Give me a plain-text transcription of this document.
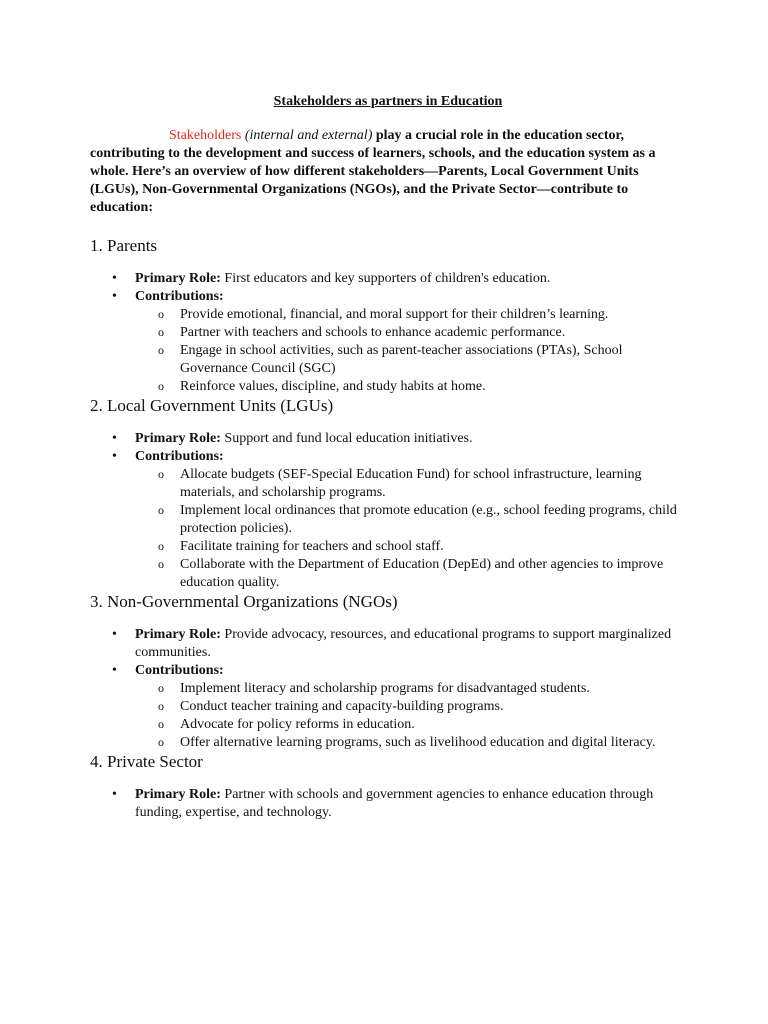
Stakeholders as partners in Education

Stakeholders (internal and external) play a crucial role in the education sector, contributing to the development and success of learners, schools, and the education system as a whole. Here’s an overview of how different stakeholders—Parents, Local Government Units (LGUs), Non-Governmental Organizations (NGOs), and the Private Sector—contribute to education:

1. Parents
• Primary Role: First educators and key supporters of children's education.
• Contributions:
o Provide emotional, financial, and moral support for their children’s learning.
o Partner with teachers and schools to enhance academic performance.
o Engage in school activities, such as parent-teacher associations (PTAs), School Governance Council (SGC)
o Reinforce values, discipline, and study habits at home.
2. Local Government Units (LGUs)
• Primary Role: Support and fund local education initiatives.
• Contributions:
o Allocate budgets (SEF-Special Education Fund) for school infrastructure, learning materials, and scholarship programs.
o Implement local ordinances that promote education (e.g., school feeding programs, child protection policies).
o Facilitate training for teachers and school staff.
o Collaborate with the Department of Education (DepEd) and other agencies to improve education quality.
3. Non-Governmental Organizations (NGOs)
• Primary Role: Provide advocacy, resources, and educational programs to support marginalized communities.
• Contributions:
o Implement literacy and scholarship programs for disadvantaged students.
o Conduct teacher training and capacity-building programs.
o Advocate for policy reforms in education.
o Offer alternative learning programs, such as livelihood education and digital literacy.
4. Private Sector
• Primary Role: Partner with schools and government agencies to enhance education through funding, expertise, and technology.
